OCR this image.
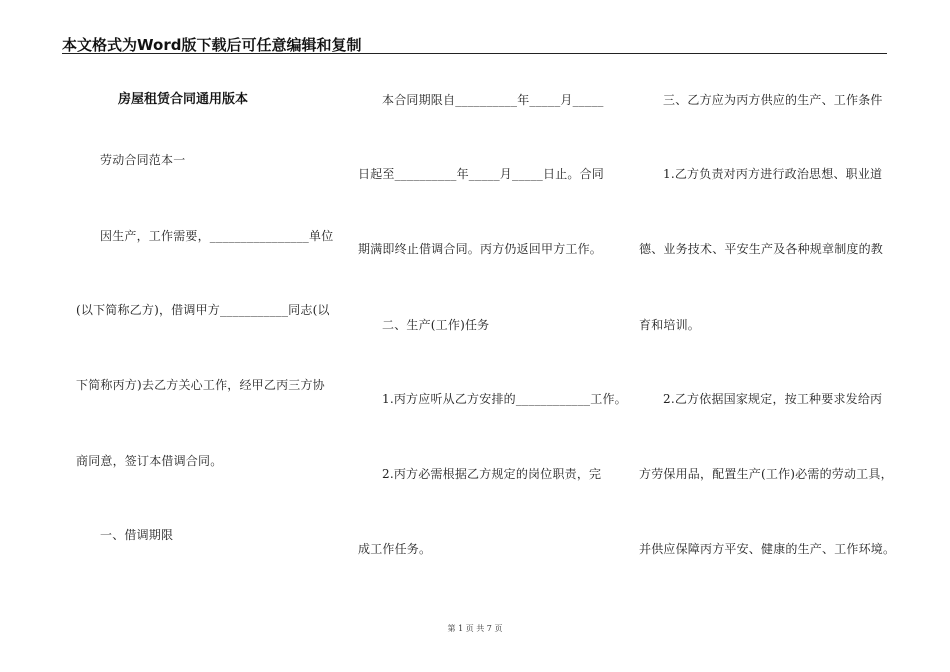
本文格式为Word版下载后可任意编辑和复制
房屋租赁合同通用版本
劳动合同范本一
因生产，工作需要，________________单位
(以下简称乙方)，借调甲方___________同志(以
下简称丙方)去乙方关心工作，经甲乙丙三方协
商同意，签订本借调合同。
一、借调期限
本合同期限自__________年_____月_____
日起至__________年_____月_____日止。合同
期满即终止借调合同。丙方仍返回甲方工作。
二、生产(工作)任务
1.丙方应听从乙方安排的____________工作。
2.丙方必需根据乙方规定的岗位职责，完
成工作任务。
三、乙方应为丙方供应的生产、工作条件
1.乙方负责对丙方进行政治思想、职业道
德、业务技术、平安生产及各种规章制度的教
育和培训。
2.乙方依据国家规定，按工种要求发给丙
方劳保用品，配置生产(工作)必需的劳动工具，
并供应保障丙方平安、健康的生产、工作环境。
第 1 页 共 7 页
